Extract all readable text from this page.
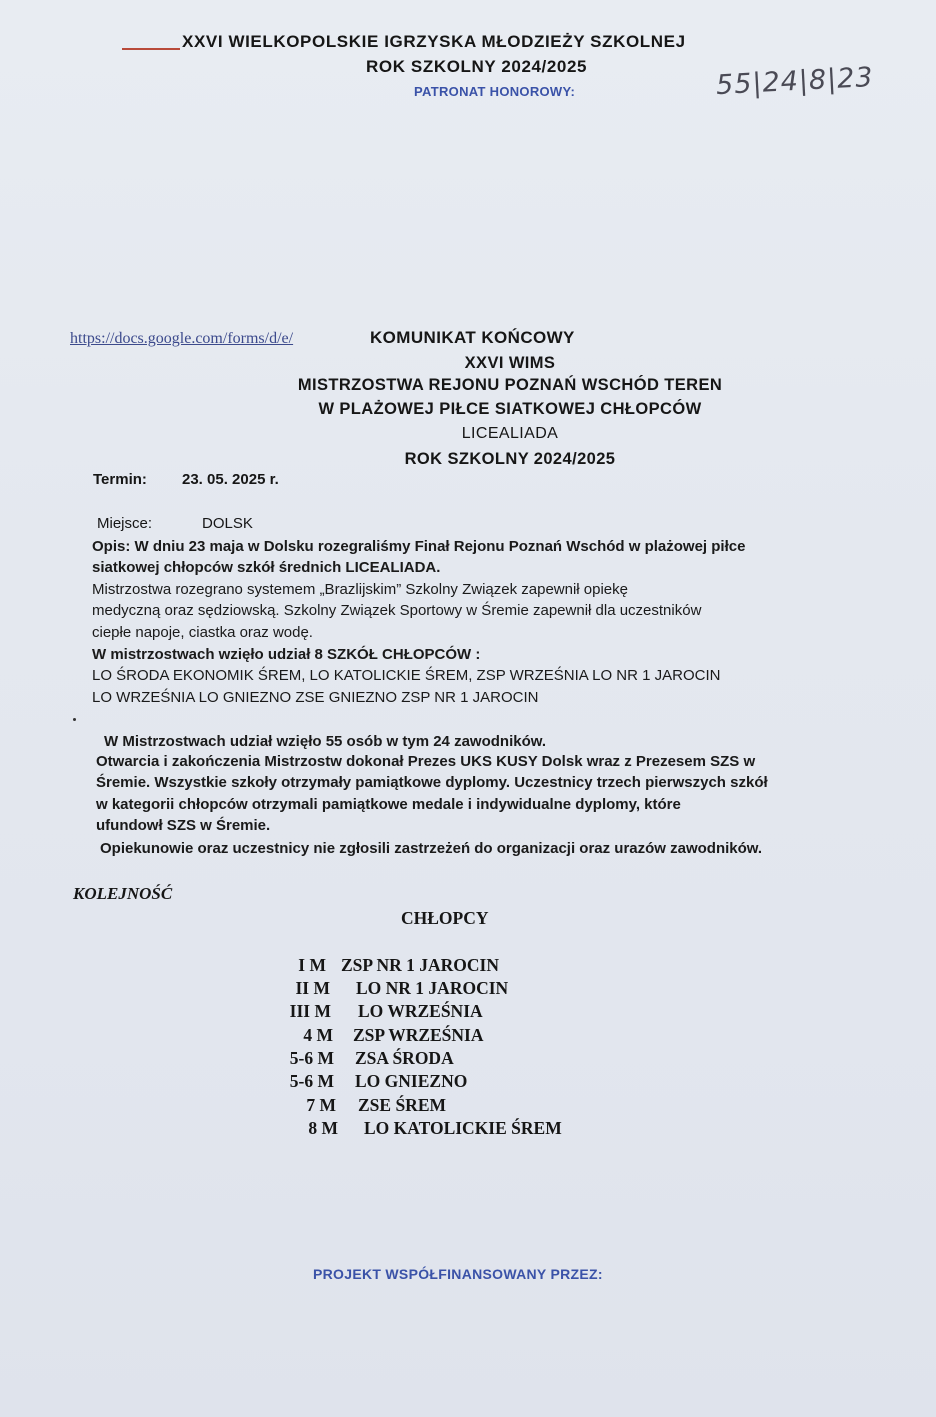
XXVI WIELKOPOLSKIE IGRZYSKA MŁODZIEŻY SZKOLNEJ
ROK SZKOLNY 2024/2025
PATRONAT HONOROWY:	55|24|8|23
https://docs.google.com/forms/d/e/	KOMUNIKAT KOŃCOWY
XXVI WIMS
MISTRZOSTWA REJONU POZNAŃ WSCHÓD TEREN
W PLAŻOWEJ PIŁCE SIATKOWEJ CHŁOPCÓW
LICEALIADA
ROK SZKOLNY 2024/2025
Termin: 23. 05. 2025 r.
Miejsce:	DOLSK
Opis: W dniu 23 maja w Dolsku rozegraliśmy Finał Rejonu Poznań Wschód w plażowej piłce
siatkowej chłopców szkół średnich LICEALIADA.
Mistrzostwa rozegrano systemem „Brazlijskim” Szkolny Związek zapewnił opiekę
medyczną oraz sędziowską. Szkolny Związek Sportowy w Śremie zapewnił dla uczestników
ciepłe napoje, ciastka oraz wodę.
W mistrzostwach wzięło udział 8 SZKÓŁ CHŁOPCÓW :
LO ŚRODA EKONOMIK ŚREM, LO KATOLICKIE ŚREM, ZSP WRZEŚNIA LO NR 1 JAROCIN
LO WRZEŚNIA LO GNIEZNO ZSE GNIEZNO ZSP NR 1 JAROCIN
W Mistrzostwach udział wzięło 55 osób w tym 24 zawodników.
Otwarcia i zakończenia Mistrzostw dokonał Prezes UKS KUSY Dolsk wraz z Prezesem SZS w
Śremie. Wszystkie szkoły otrzymały pamiątkowe dyplomy. Uczestnicy trzech pierwszych szkół
w kategorii chłopców otrzymali pamiątkowe medale i indywidualne dyplomy, które
ufundowł SZS w Śremie.
Opiekunowie oraz uczestnicy nie zgłosili zastrzeżeń do organizacji oraz urazów zawodników.
KOLEJNOŚĆ
CHŁOPCY
I M ZSP NR 1 JAROCIN
II M LO NR 1 JAROCIN
III M LO WRZEŚNIA
4 M ZSP WRZEŚNIA
5-6 M ZSA ŚRODA
5-6 M LO GNIEZNO
7 M ZSE ŚREM
8 M LO KATOLICKIE ŚREM
PROJEKT WSPÓŁFINANSOWANY PRZEZ:
